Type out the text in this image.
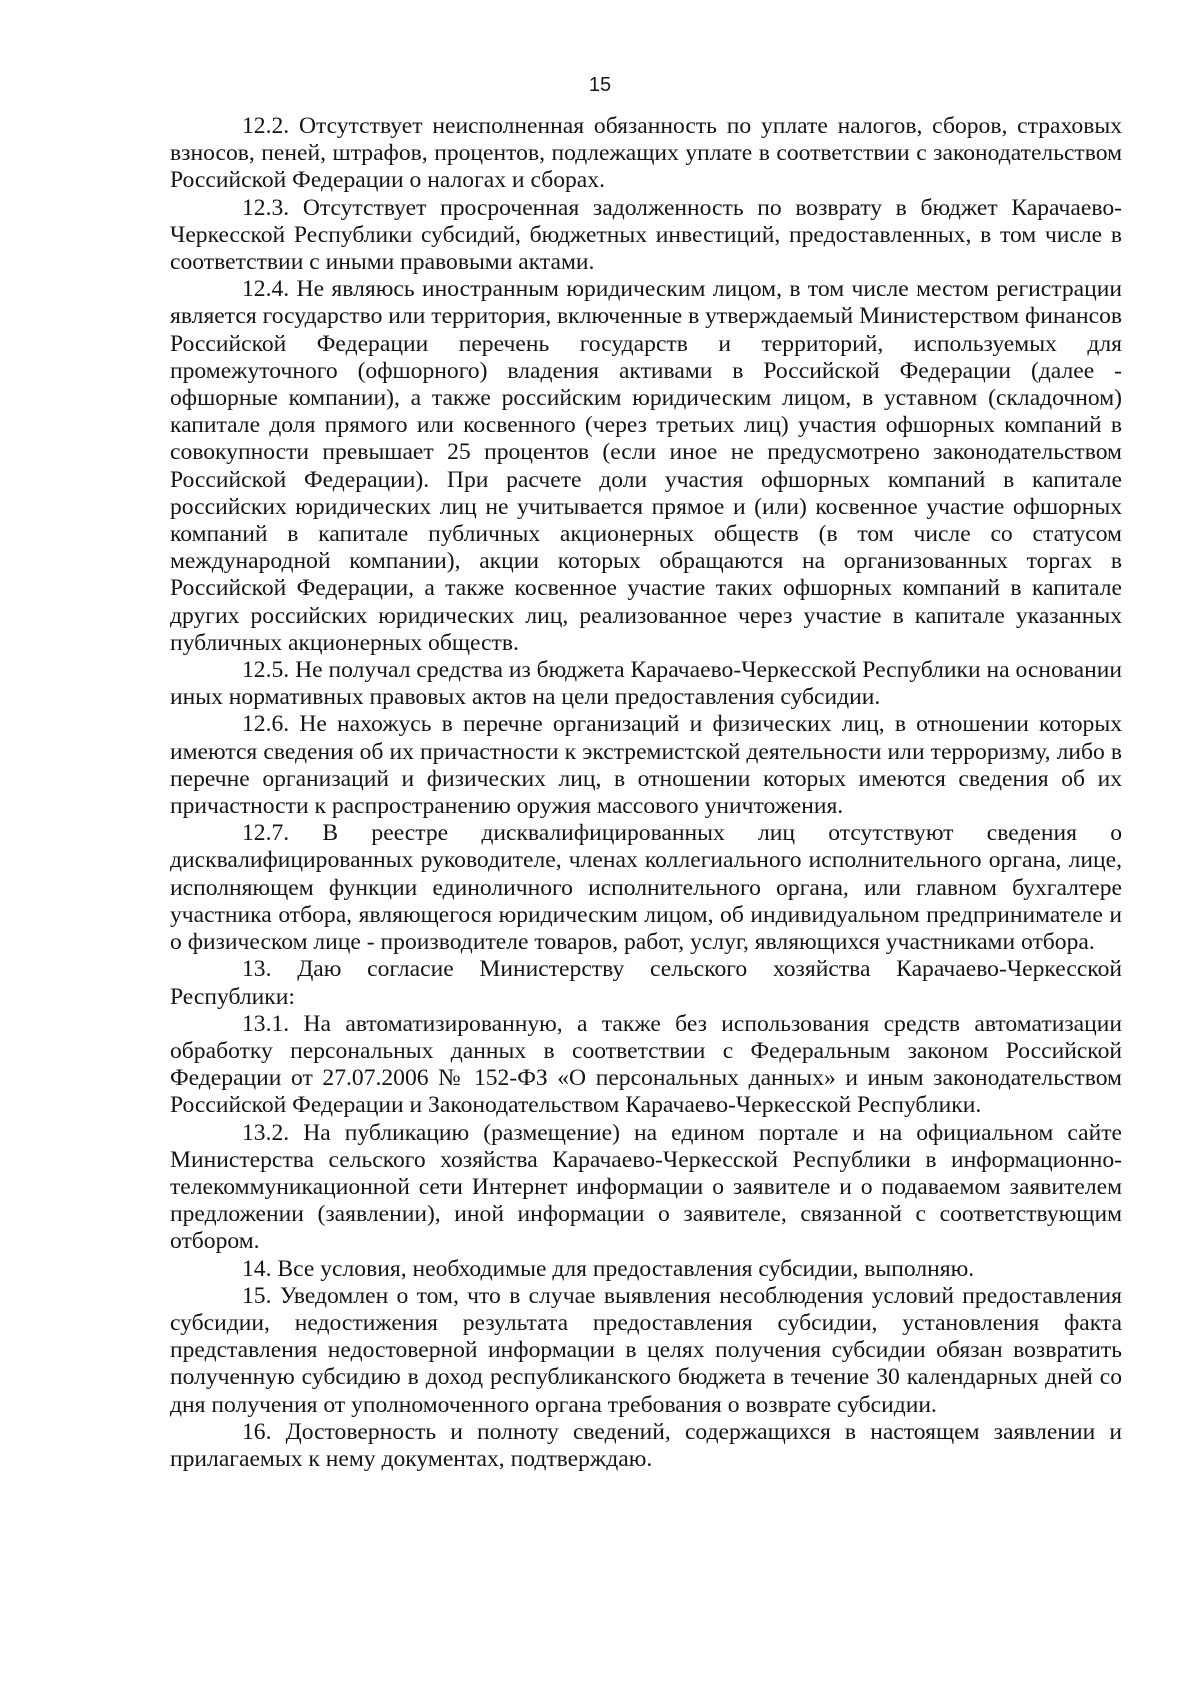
15

12.2. Отсутствует неисполненная обязанность по уплате налогов, сборов, страховых взносов, пеней, штрафов, процентов, подлежащих уплате в соответствии с законодательством Российской Федерации о налогах и сборах.

12.3. Отсутствует просроченная задолженность по возврату в бюджет Карачаево-Черкесской Республики субсидий, бюджетных инвестиций, предоставленных, в том числе в соответствии с иными правовыми актами.

12.4. Не являюсь иностранным юридическим лицом, в том числе местом регистрации является государство или территория, включенные в утверждаемый Министерством финансов Российской Федерации перечень государств и территорий, используемых для промежуточного (офшорного) владения активами в Российской Федерации (далее - офшорные компании), а также российским юридическим лицом, в уставном (складочном) капитале доля прямого или косвенного (через третьих лиц) участия офшорных компаний в совокупности превышает 25 процентов (если иное не предусмотрено законодательством Российской Федерации). При расчете доли участия офшорных компаний в капитале российских юридических лиц не учитывается прямое и (или) косвенное участие офшорных компаний в капитале публичных акционерных обществ (в том числе со статусом международной компании), акции которых обращаются на организованных торгах в Российской Федерации, а также косвенное участие таких офшорных компаний в капитале других российских юридических лиц, реализованное через участие в капитале указанных публичных акционерных обществ.

12.5. Не получал средства из бюджета Карачаево-Черкесской Республики на основании иных нормативных правовых актов на цели предоставления субсидии.

12.6. Не нахожусь в перечне организаций и физических лиц, в отношении которых имеются сведения об их причастности к экстремистской деятельности или терроризму, либо в перечне организаций и физических лиц, в отношении которых имеются сведения об их причастности к распространению оружия массового уничтожения.

12.7. В реестре дисквалифицированных лиц отсутствуют сведения о дисквалифицированных руководителе, членах коллегиального исполнительного органа, лице, исполняющем функции единоличного исполнительного органа, или главном бухгалтере участника отбора, являющегося юридическим лицом, об индивидуальном предпринимателе и о физическом лице - производителе товаров, работ, услуг, являющихся участниками отбора.

13. Даю согласие Министерству сельского хозяйства Карачаево-Черкесской Республики:

13.1. На автоматизированную, а также без использования средств автоматизации обработку персональных данных в соответствии с Федеральным законом Российской Федерации от 27.07.2006 № 152-ФЗ «О персональных данных» и иным законодательством Российской Федерации и Законодательством Карачаево-Черкесской Республики.

13.2. На публикацию (размещение) на едином портале и на официальном сайте Министерства сельского хозяйства Карачаево-Черкесской Республики в информационно-телекоммуникационной сети Интернет информации о заявителе и о подаваемом заявителем предложении (заявлении), иной информации о заявителе, связанной с соответствующим отбором.

14. Все условия, необходимые для предоставления субсидии, выполняю.

15. Уведомлен о том, что в случае выявления несоблюдения условий предоставления субсидии, недостижения результата предоставления субсидии, установления факта представления недостоверной информации в целях получения субсидии обязан возвратить полученную субсидию в доход республиканского бюджета в течение 30 календарных дней со дня получения от уполномоченного органа требования о возврате субсидии.

16. Достоверность и полноту сведений, содержащихся в настоящем заявлении и прилагаемых к нему документах, подтверждаю.
